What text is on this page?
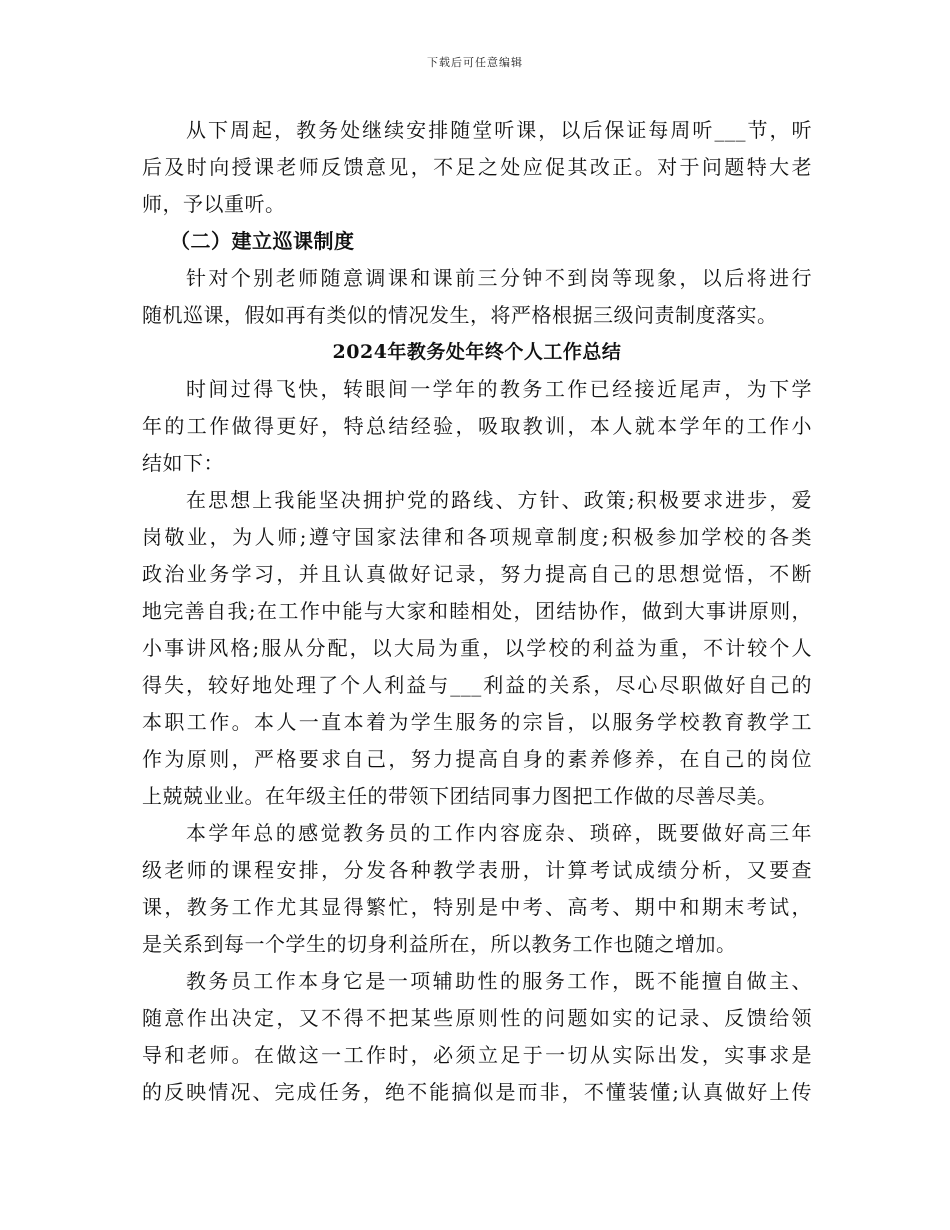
下载后可任意编辑
从下周起，教务处继续安排随堂听课，以后保证每周听___节，听
后及时向授课老师反馈意见，不足之处应促其改正。对于问题特大老
师，予以重听。
（二）建立巡课制度
针对个别老师随意调课和课前三分钟不到岗等现象，以后将进行
随机巡课，假如再有类似的情况发生，将严格根据三级问责制度落实。
2024年教务处年终个人工作总结
时间过得飞快，转眼间一学年的教务工作已经接近尾声，为下学
年的工作做得更好，特总结经验，吸取教训，本人就本学年的工作小
结如下：
在思想上我能坚决拥护党的路线、方针、政策;积极要求进步，爱
岗敬业，为人师;遵守国家法律和各项规章制度;积极参加学校的各类
政治业务学习，并且认真做好记录，努力提高自己的思想觉悟，不断
地完善自我;在工作中能与大家和睦相处，团结协作，做到大事讲原则，
小事讲风格;服从分配，以大局为重，以学校的利益为重，不计较个人
得失，较好地处理了个人利益与___利益的关系，尽心尽职做好自己的
本职工作。本人一直本着为学生服务的宗旨，以服务学校教育教学工
作为原则，严格要求自己，努力提高自身的素养修养，在自己的岗位
上兢兢业业。在年级主任的带领下团结同事力图把工作做的尽善尽美。
本学年总的感觉教务员的工作内容庞杂、琐碎，既要做好高三年
级老师的课程安排，分发各种教学表册，计算考试成绩分析，又要查
课，教务工作尤其显得繁忙，特别是中考、高考、期中和期末考试，
是关系到每一个学生的切身利益所在，所以教务工作也随之增加。
教务员工作本身它是一项辅助性的服务工作，既不能擅自做主、
随意作出决定，又不得不把某些原则性的问题如实的记录、反馈给领
导和老师。在做这一工作时，必须立足于一切从实际出发，实事求是
的反映情况、完成任务，绝不能搞似是而非，不懂装懂;认真做好上传
